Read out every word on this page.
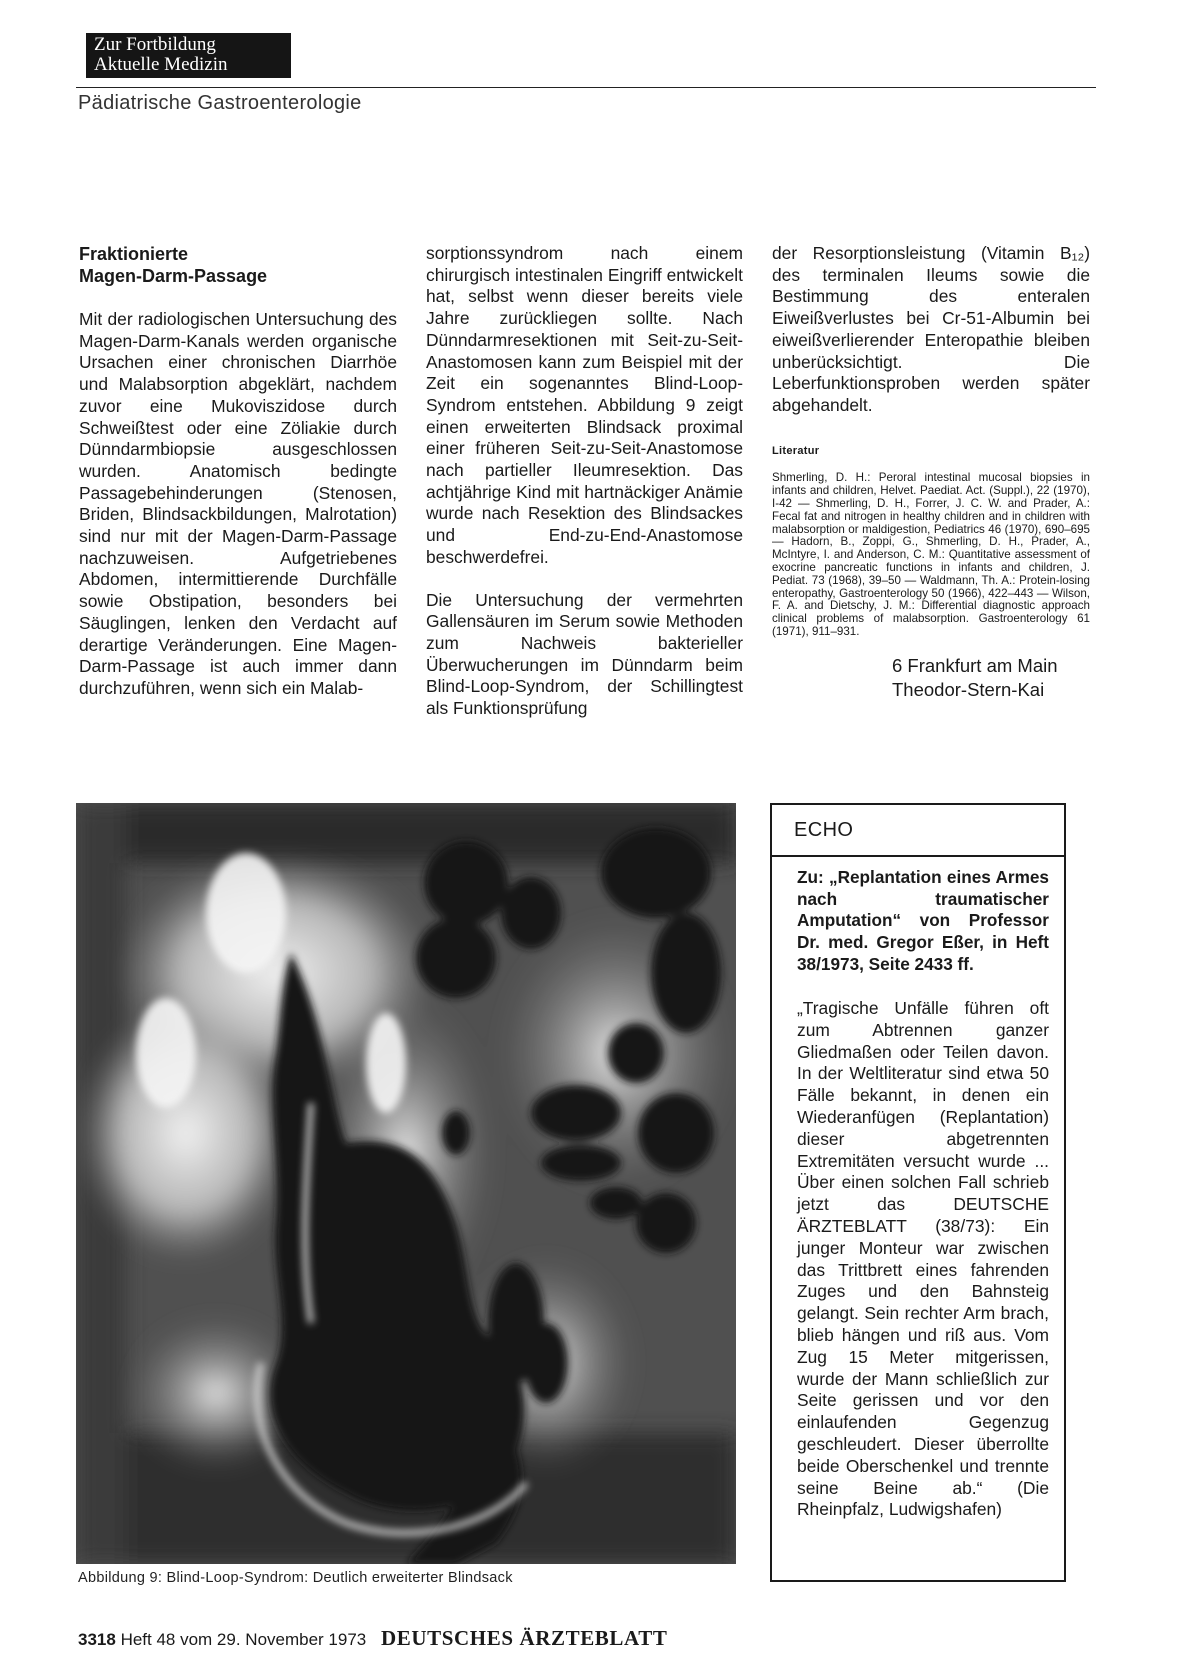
Zur Fortbildung
Aktuelle Medizin
Pädiatrische Gastroenterologie

Fraktionierte
Magen-Darm-Passage

Mit der radiologischen Untersuchung des Magen-Darm-Kanals werden organische Ursachen einer chronischen Diarrhöe und Malabsorption abgeklärt, nachdem zuvor eine Mukoviszidose durch Schweißtest oder eine Zöliakie durch Dünndarmbiopsie ausgeschlossen wurden. Anatomisch bedingte Passagebehinderungen (Stenosen, Briden, Blindsackbildungen, Malrotation) sind nur mit der Magen-Darm-Passage nachzuweisen. Aufgetriebenes Abdomen, intermittierende Durchfälle sowie Obstipation, besonders bei Säuglingen, lenken den Verdacht auf derartige Veränderungen. Eine Magen-Darm-Passage ist auch immer dann durchzuführen, wenn sich ein Malab-

sorptionssyndrom nach einem chirurgisch intestinalen Eingriff entwickelt hat, selbst wenn dieser bereits viele Jahre zurückliegen sollte. Nach Dünndarmresektionen mit Seit-zu-Seit-Anastomosen kann zum Beispiel mit der Zeit ein sogenanntes Blind-Loop-Syndrom entstehen. Abbildung 9 zeigt einen erweiterten Blindsack proximal einer früheren Seit-zu-Seit-Anastomose nach partieller Ileumresektion. Das achtjährige Kind mit hartnäckiger Anämie wurde nach Resektion des Blindsackes und End-zu-End-Anastomose beschwerdefrei.

Die Untersuchung der vermehrten Gallensäuren im Serum sowie Methoden zum Nachweis bakterieller Überwucherungen im Dünndarm beim Blind-Loop-Syndrom, der Schillingtest als Funktionsprüfung

der Resorptionsleistung (Vitamin B₁₂) des terminalen Ileums sowie die Bestimmung des enteralen Eiweißverlustes bei Cr-51-Albumin bei eiweißverlierender Enteropathie bleiben unberücksichtigt. Die Leberfunktionsproben werden später abgehandelt.

Literatur

Shmerling, D. H.: Peroral intestinal mucosal biopsies in infants and children, Helvet. Paediat. Act. (Suppl.), 22 (1970), I-42 — Shmerling, D. H., Forrer, J. C. W. and Prader, A.: Fecal fat and nitrogen in healthy children and in children with malabsorption or maldigestion, Pediatrics 46 (1970), 690–695 — Hadorn, B., Zoppi, G., Shmerling, D. H., Prader, A., McIntyre, I. and Anderson, C. M.: Quantitative assessment of exocrine pancreatic functions in infants and children, J. Pediat. 73 (1968), 39–50 — Waldmann, Th. A.: Protein-losing enteropathy, Gastroenterology 50 (1966), 422–443 — Wilson, F. A. and Dietschy, J. M.: Differential diagnostic approach clinical problems of malabsorption. Gastroenterology 61 (1971), 911–931.

6 Frankfurt am Main
Theodor-Stern-Kai

Abbildung 9: Blind-Loop-Syndrom: Deutlich erweiterter Blindsack
ECHO
Zu: „Replantation eines Armes nach traumatischer Amputation“ von Professor Dr. med. Gregor Eßer, in Heft 38/1973, Seite 2433 ff.
„Tragische Unfälle führen oft zum Abtrennen ganzer Gliedmaßen oder Teilen davon. In der Weltliteratur sind etwa 50 Fälle bekannt, in denen ein Wiederanfügen (Replantation) dieser abgetrennten Extremitäten versucht wurde ... Über einen solchen Fall schrieb jetzt das DEUTSCHE ÄRZTEBLATT (38/73): Ein junger Monteur war zwischen das Trittbrett eines fahrenden Zuges und den Bahnsteig gelangt. Sein rechter Arm brach, blieb hängen und riß aus. Vom Zug 15 Meter mitgerissen, wurde der Mann schließlich zur Seite gerissen und vor den einlaufenden Gegenzug geschleudert. Dieser überrollte beide Oberschenkel und trennte seine Beine ab.“ (Die Rheinpfalz, Ludwigshafen)
3318 Heft 48 vom 29. November 1973 DEUTSCHES ÄRZTEBLATT
